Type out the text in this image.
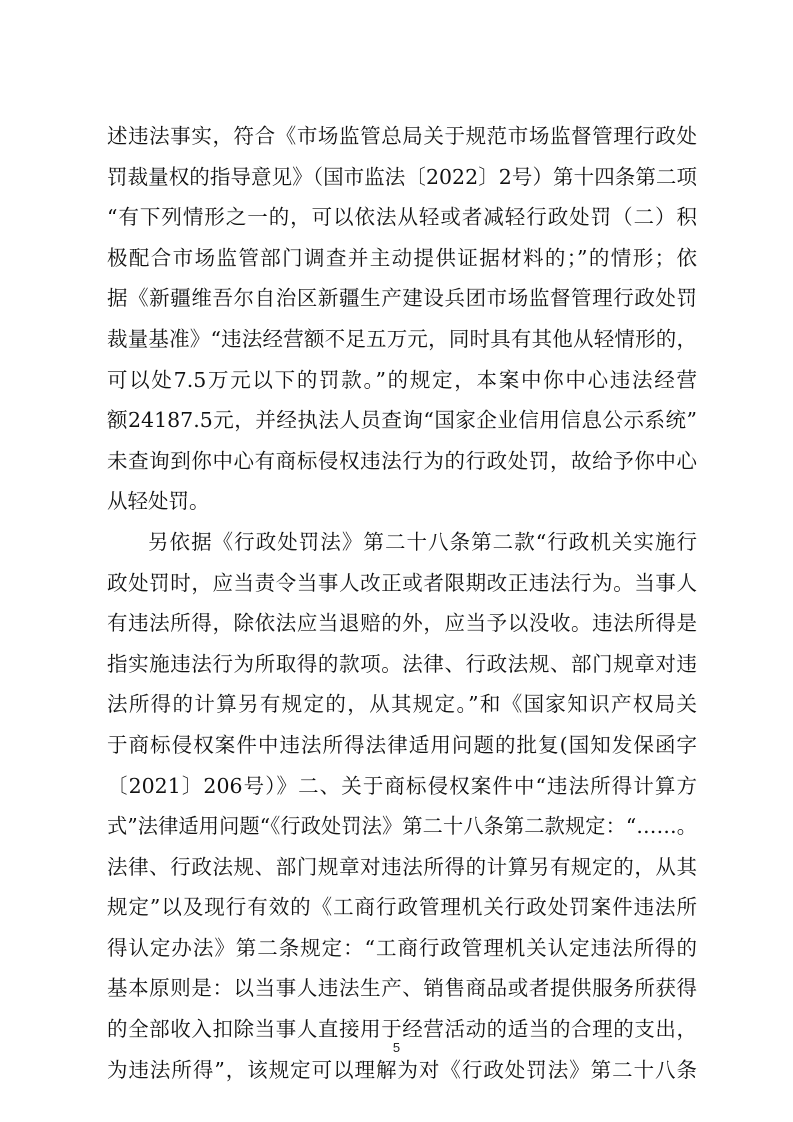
述违法事实，符合《市场监管总局关于规范市场监督管理行政处
罚裁量权的指导意见》（国市监法〔2022〕2号）第十四条第二项
“有下列情形之一的，可以依法从轻或者减轻行政处罚（二）积
极配合市场监管部门调查并主动提供证据材料的；”的情形；依
据《新疆维吾尔自治区新疆生产建设兵团市场监督管理行政处罚
裁量基准》“违法经营额不足五万元，同时具有其他从轻情形的，
可以处7.5万元以下的罚款。”的规定，本案中你中心违法经营
额24187.5元，并经执法人员查询“国家企业信用信息公示系统”
未查询到你中心有商标侵权违法行为的行政处罚，故给予你中心
从轻处罚。
另依据《行政处罚法》第二十八条第二款“行政机关实施行
政处罚时，应当责令当事人改正或者限期改正违法行为。当事人
有违法所得，除依法应当退赔的外，应当予以没收。违法所得是
指实施违法行为所取得的款项。法律、行政法规、部门规章对违
法所得的计算另有规定的，从其规定。”和《国家知识产权局关
于商标侵权案件中违法所得法律适用问题的批复(国知发保函字
〔2021〕206号）》二、关于商标侵权案件中“违法所得计算方
式”法律适用问题“《行政处罚法》第二十八条第二款规定：“……。
法律、行政法规、部门规章对违法所得的计算另有规定的，从其
规定”以及现行有效的《工商行政管理机关行政处罚案件违法所
得认定办法》第二条规定：“工商行政管理机关认定违法所得的
基本原则是：以当事人违法生产、销售商品或者提供服务所获得
的全部收入扣除当事人直接用于经营活动的适当的合理的支出，
为违法所得”，该规定可以理解为对《行政处罚法》第二十八条
5
